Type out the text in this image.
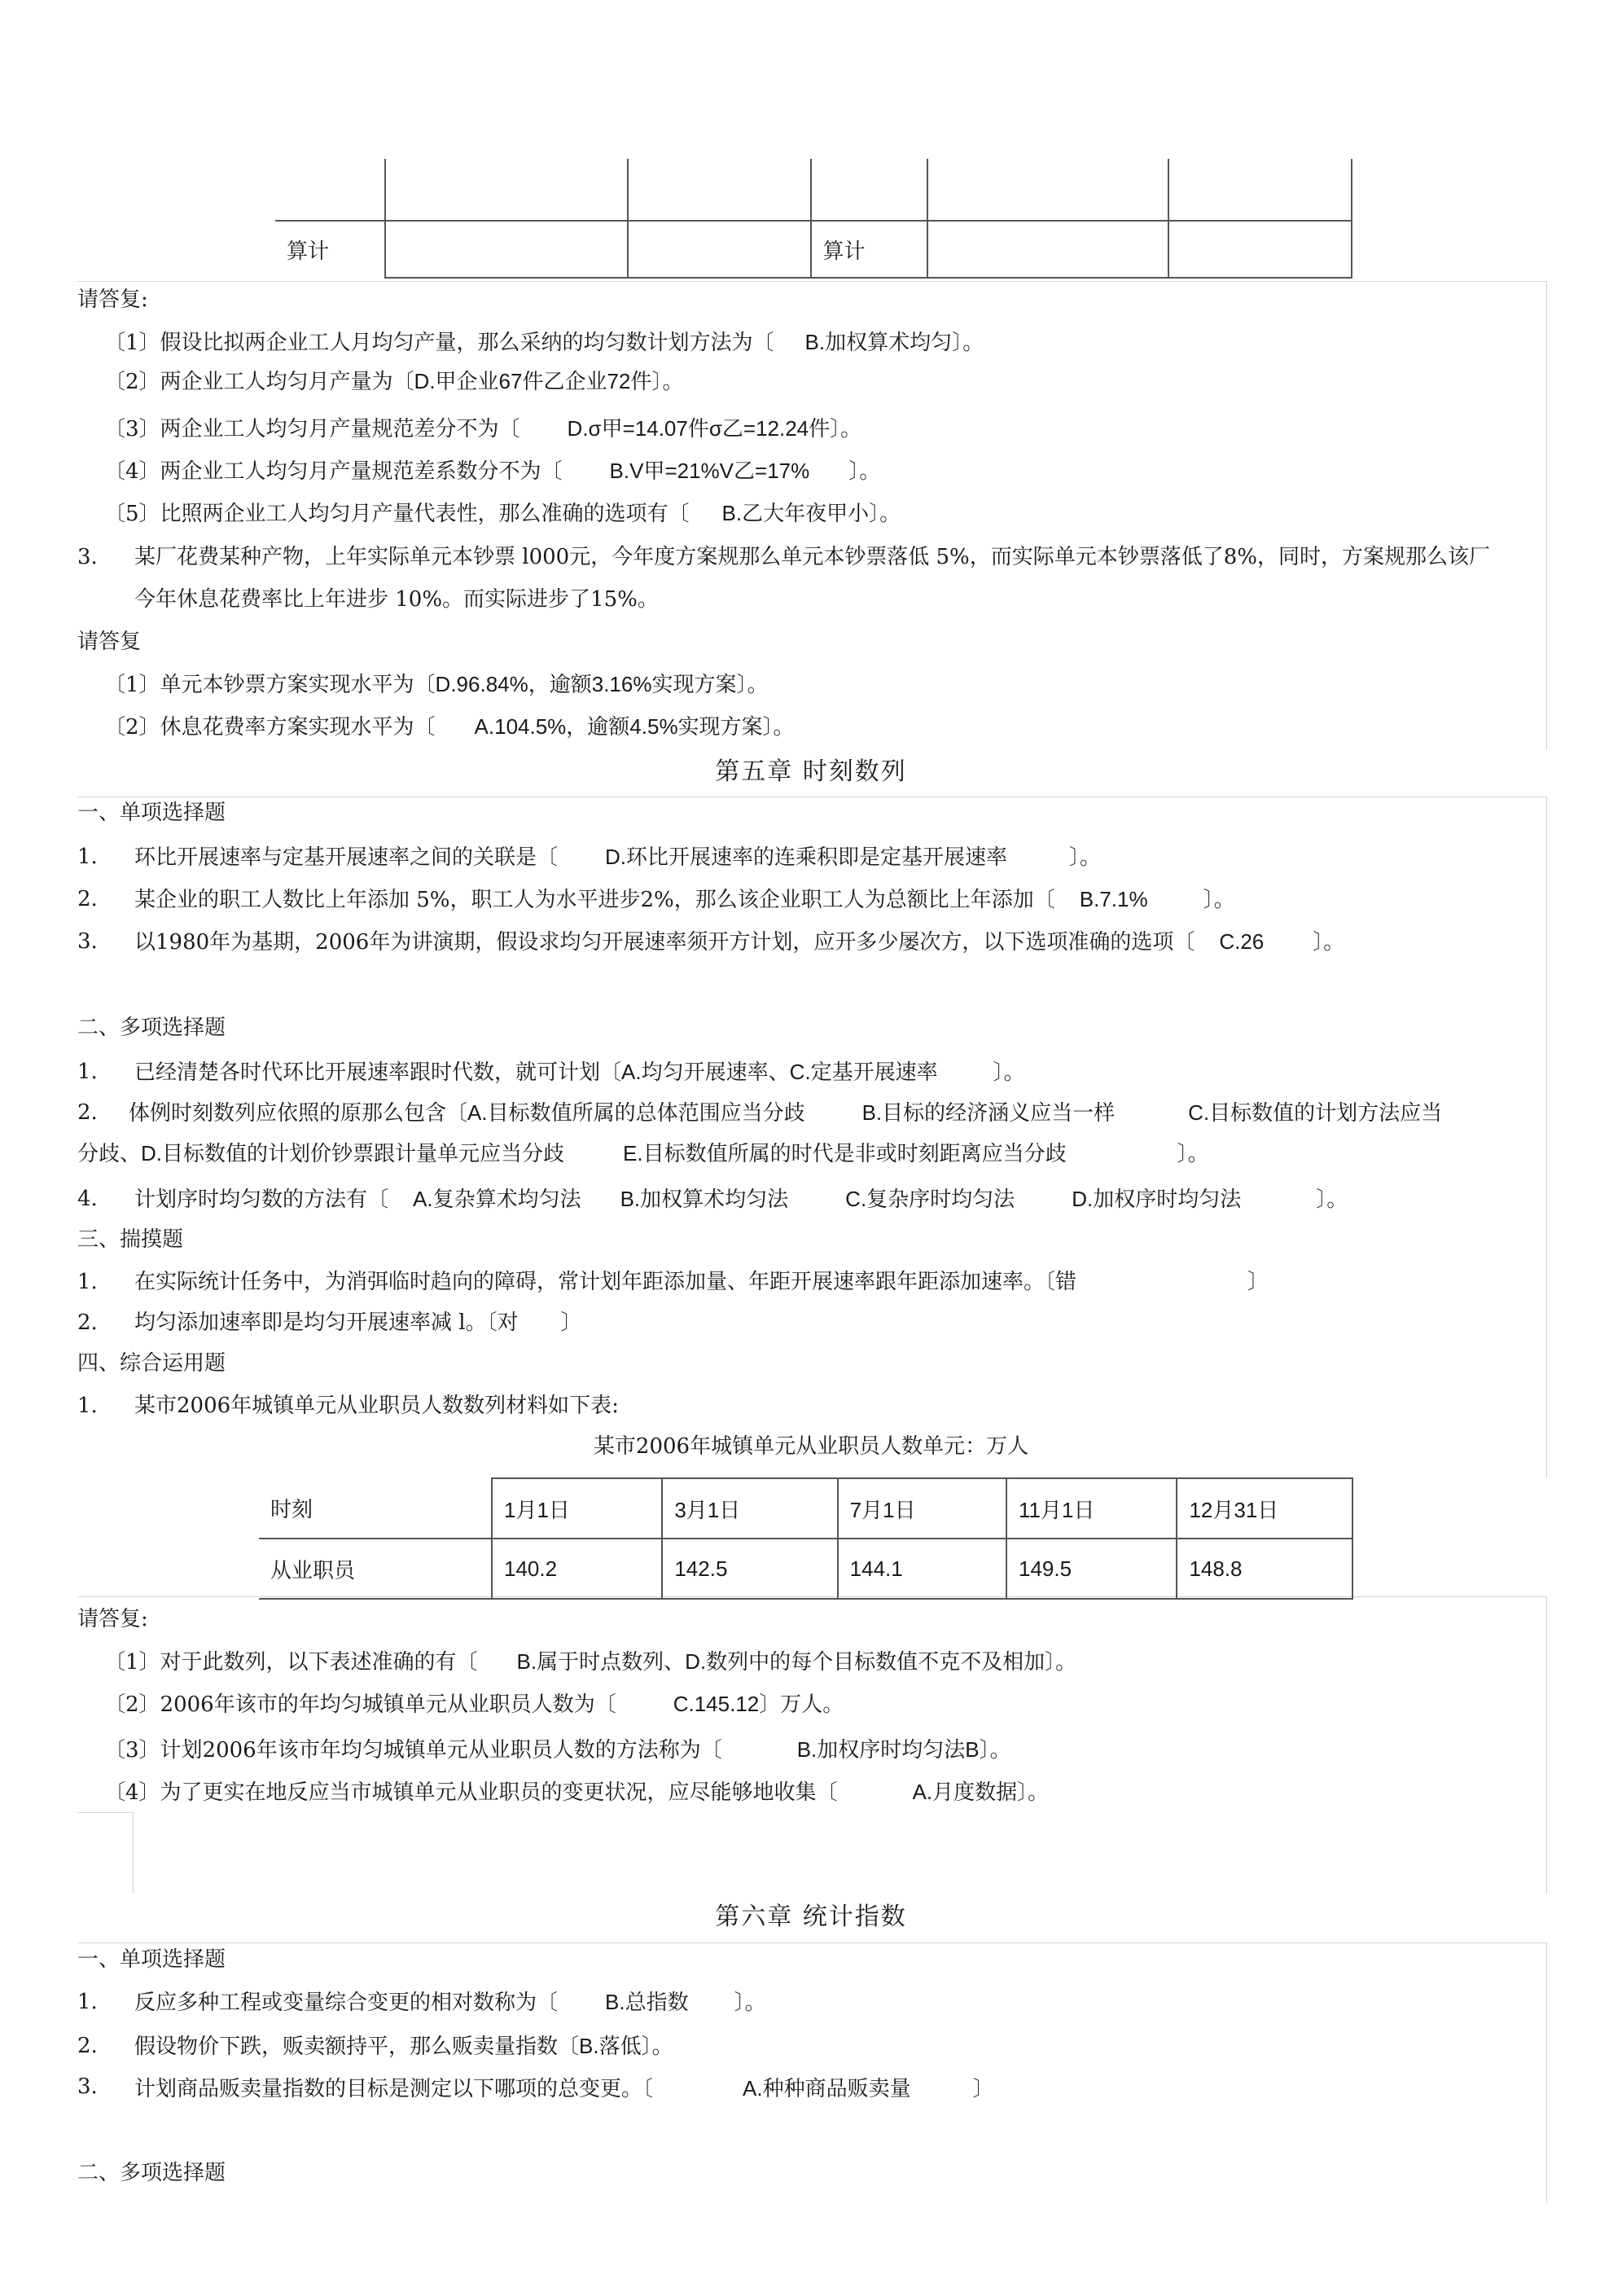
算计			算计		
请答复:
〔1〕假设比拟两企业工人月均匀产量，那么采纳的均匀数计划方法为〔 B.加权算术均匀〕。
〔2〕两企业工人均匀月产量为〔D.甲企业67件乙企业72件〕。
〔3〕两企业工人均匀月产量规范差分不为〔 D.σ甲=14.07件σ乙=12.24件〕。
〔4〕两企业工人均匀月产量规范差系数分不为〔 B.V甲=21%V乙=17% 〕。
〔5〕比照两企业工人均匀月产量代表性，那么准确的选项有〔 B.乙大年夜甲小〕。
3. 某厂花费某种产物，上年实际单元本钞票 l000元，今年度方案规那么单元本钞票落低 5%，而实际单元本钞票落低了8%，同时，方案规那么该厂
今年休息花费率比上年进步 10%。而实际进步了15%。
请答复
〔1〕单元本钞票方案实现水平为〔D.96.84%，逾额3.16%实现方案〕。
〔2〕休息花费率方案实现水平为〔 A.104.5%，逾额4.5%实现方案〕。
第五章 时刻数列
一、单项选择题
1. 环比开展速率与定基开展速率之间的关联是〔 D.环比开展速率的连乘积即是定基开展速率	〕。
2. 某企业的职工人数比上年添加 5%，职工人为水平进步2%，那么该企业职工人为总额比上年添加〔 B.7.1%	〕。
3. 以1980年为基期，2006年为讲演期，假设求均匀开展速率须开方计划，应开多少屡次方，以下选项准确的选项〔 C.26 〕。
二、多项选择题
1. 已经清楚各时代环比开展速率跟时代数，就可计划〔A.均匀开展速率、C.定基开展速率	〕。
2. 体例时刻数列应依照的原那么包含〔A.目标数值所属的总体范围应当分歧	B.目标的经济涵义应当一样	C.目标数值的计划方法应当
分歧、D.目标数值的计划价钞票跟计量单元应当分歧	E.目标数值所属的时代是非或时刻距离应当分歧	〕。
4. 计划序时均匀数的方法有〔 A.复杂算术均匀法 B.加权算术均匀法	C.复杂序时均匀法	D.加权序时均匀法	〕。
三、揣摸题
1. 在实际统计任务中，为消弭临时趋向的障碍，常计划年距添加量、年距开展速率跟年距添加速率。〔错	〕
2. 均匀添加速率即是均匀开展速率减 l。〔对 〕
四、综合运用题
1. 某市2006年城镇单元从业职员人数数列材料如下表:
某市2006年城镇单元从业职员人数单元：万人
时刻	1月1日	3月1日	7月1日	11月1日	12月31日
从业职员	140.2	142.5	144.1	149.5	148.8
请答复:
〔1〕对于此数列，以下表述准确的有〔 B.属于时点数列、D.数列中的每个目标数值不克不及相加〕。
〔2〕2006年该市的年均匀城镇单元从业职员人数为〔	C.145.12〕万人。
〔3〕计划2006年该市年均匀城镇单元从业职员人数的方法称为〔	B.加权序时均匀法B〕。
〔4〕为了更实在地反应当市城镇单元从业职员的变更状况，应尽能够地收集〔	A.月度数据〕。
第六章 统计指数
一、单项选择题
1. 反应多种工程或变量综合变更的相对数称为〔 B.总指数 〕。
2. 假设物价下跌，贩卖额持平，那么贩卖量指数〔B.落低〕。
3. 计划商品贩卖量指数的目标是测定以下哪项的总变更。〔	A.种种商品贩卖量	〕
二、多项选择题
